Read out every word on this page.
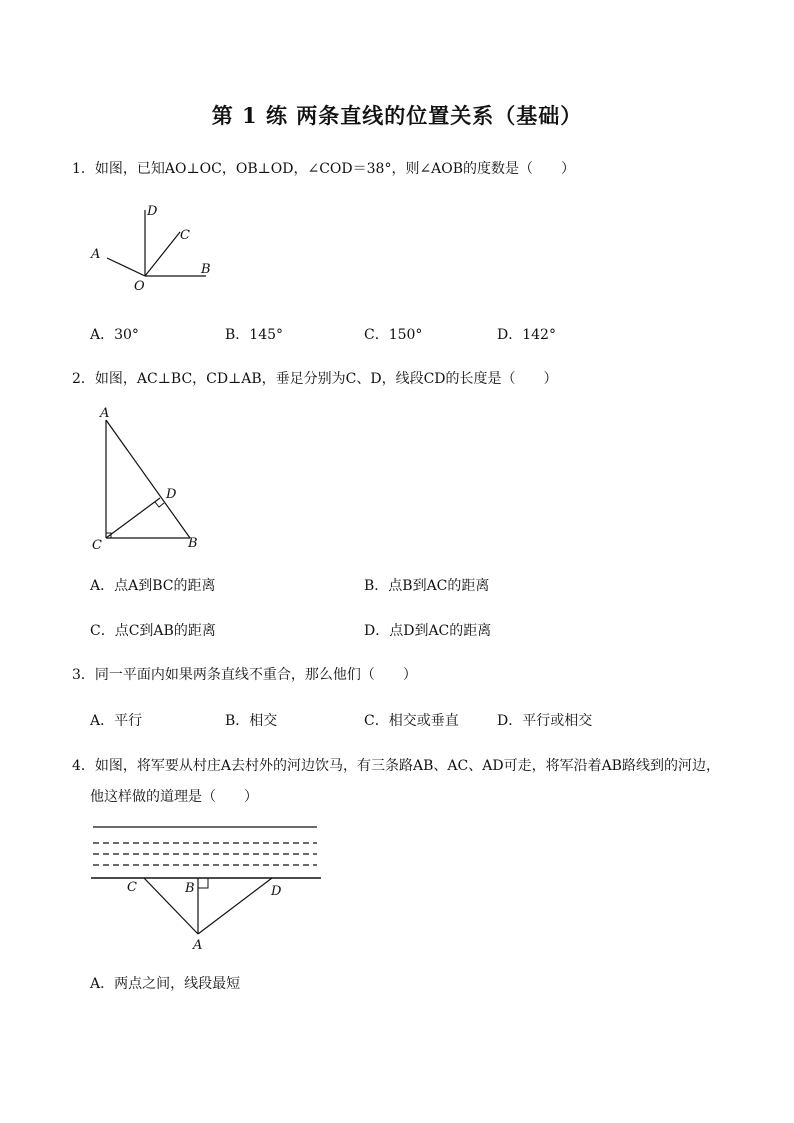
第 1 练 两条直线的位置关系（基础）
1．如图，已知AO⊥OC，OB⊥OD，∠COD＝38°，则∠AOB的度数是（　　）
D
C
A
B
O
A．30°	B．145°	C．150°	D．142°
2．如图，AC⊥BC，CD⊥AB，垂足分别为C、D，线段CD的长度是（　　）
A
D
C	B
A．点A到BC的距离	B．点B到AC的距离
C．点C到AB的距离	D．点D到AC的距离
3．同一平面内如果两条直线不重合，那么他们（　　）
A．平行	B．相交	C．相交或垂直	D．平行或相交
4．如图，将军要从村庄A去村外的河边饮马，有三条路AB、AC、AD可走，将军沿着AB路线到的河边，
他这样做的道理是（　　）
C	B	D
A
A．两点之间，线段最短
